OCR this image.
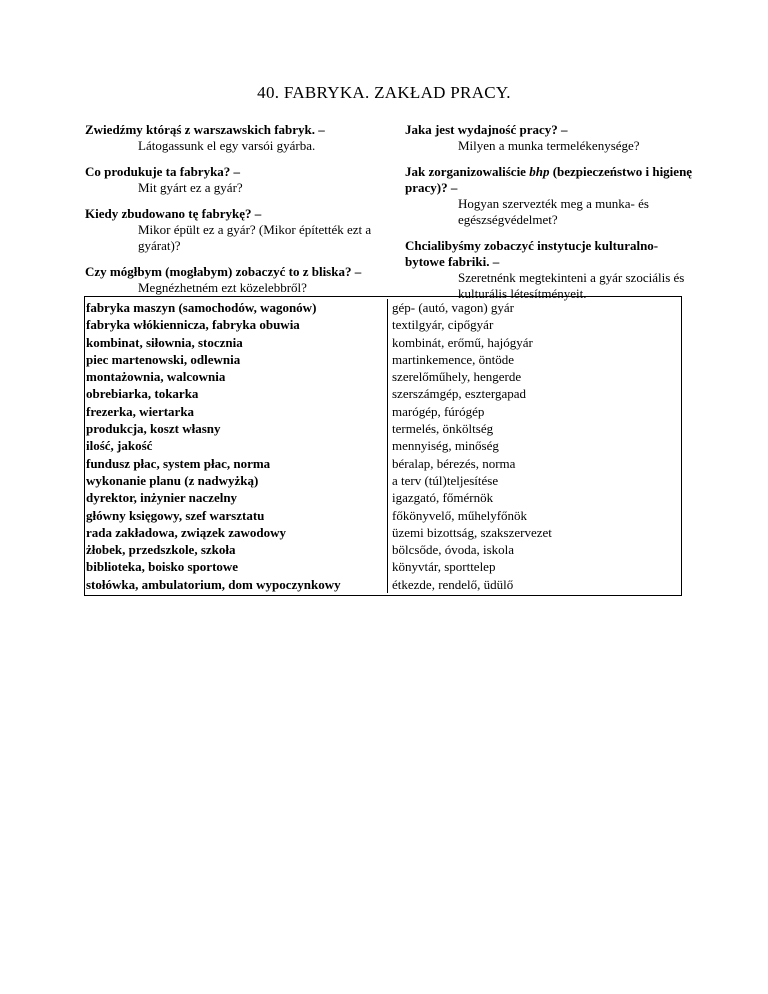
40. FABRYKA. ZAKŁAD PRACY.
Zwiedźmy którąś z warszawskich fabryk. –
Látogassunk el egy varsói gyárba.
Co produkuje ta fabryka? –
Mit gyárt ez a gyár?
Kiedy zbudowano tę fabrykę? –
Mikor épült ez a gyár? (Mikor építették ezt a gyárat)?
Czy mógłbym (mogłabym) zobaczyć to z bliska? –
Megnézhetném ezt közelebbről?
Jaka jest wydajność pracy? –
Milyen a munka termelékenysége?
Jak zorganizowaliście bhp (bezpieczeństwo i higienę pracy)? –
Hogyan szervezték meg a munka- és egészségvédelmet?
Chcialibyśmy zobaczyć instytucje kulturalno-bytowe fabriki. –
Szeretnénk megtekinteni a gyár szociális és kulturális létesítményeit.
fabryka maszyn (samochodów, wagonów)
fabryka włókiennicza, fabryka obuwia
kombinat, siłownia, stocznia
piec martenowski, odlewnia
montażownia, walcownia
obrebiarka, tokarka
frezerka, wiertarka
produkcja, koszt własny
ilość, jakość
fundusz płac, system płac, norma
wykonanie planu (z nadwyżką)
dyrektor, inżynier naczelny
główny księgowy, szef warsztatu
rada zakładowa, związek zawodowy
żłobek, przedszkole, szkoła
biblioteka, boisko sportowe
stołówka, ambulatorium, dom wypoczynkowy
gép- (autó, vagon) gyár
textilgyár, cipőgyár
kombinát, erőmű, hajógyár
martinkemence, öntöde
szerelőműhely, hengerde
szerszámgép, esztergapad
marógép, fúrógép
termelés, önköltség
mennyiség, minőség
béralap, bérezés, norma
a terv (túl)teljesítése
igazgató, főmérnök
főkönyvelő, műhelyfőnök
üzemi bizottság, szakszervezet
bölcsőde, óvoda, iskola
könyvtár, sporttelep
étkezde, rendelő, üdülő
